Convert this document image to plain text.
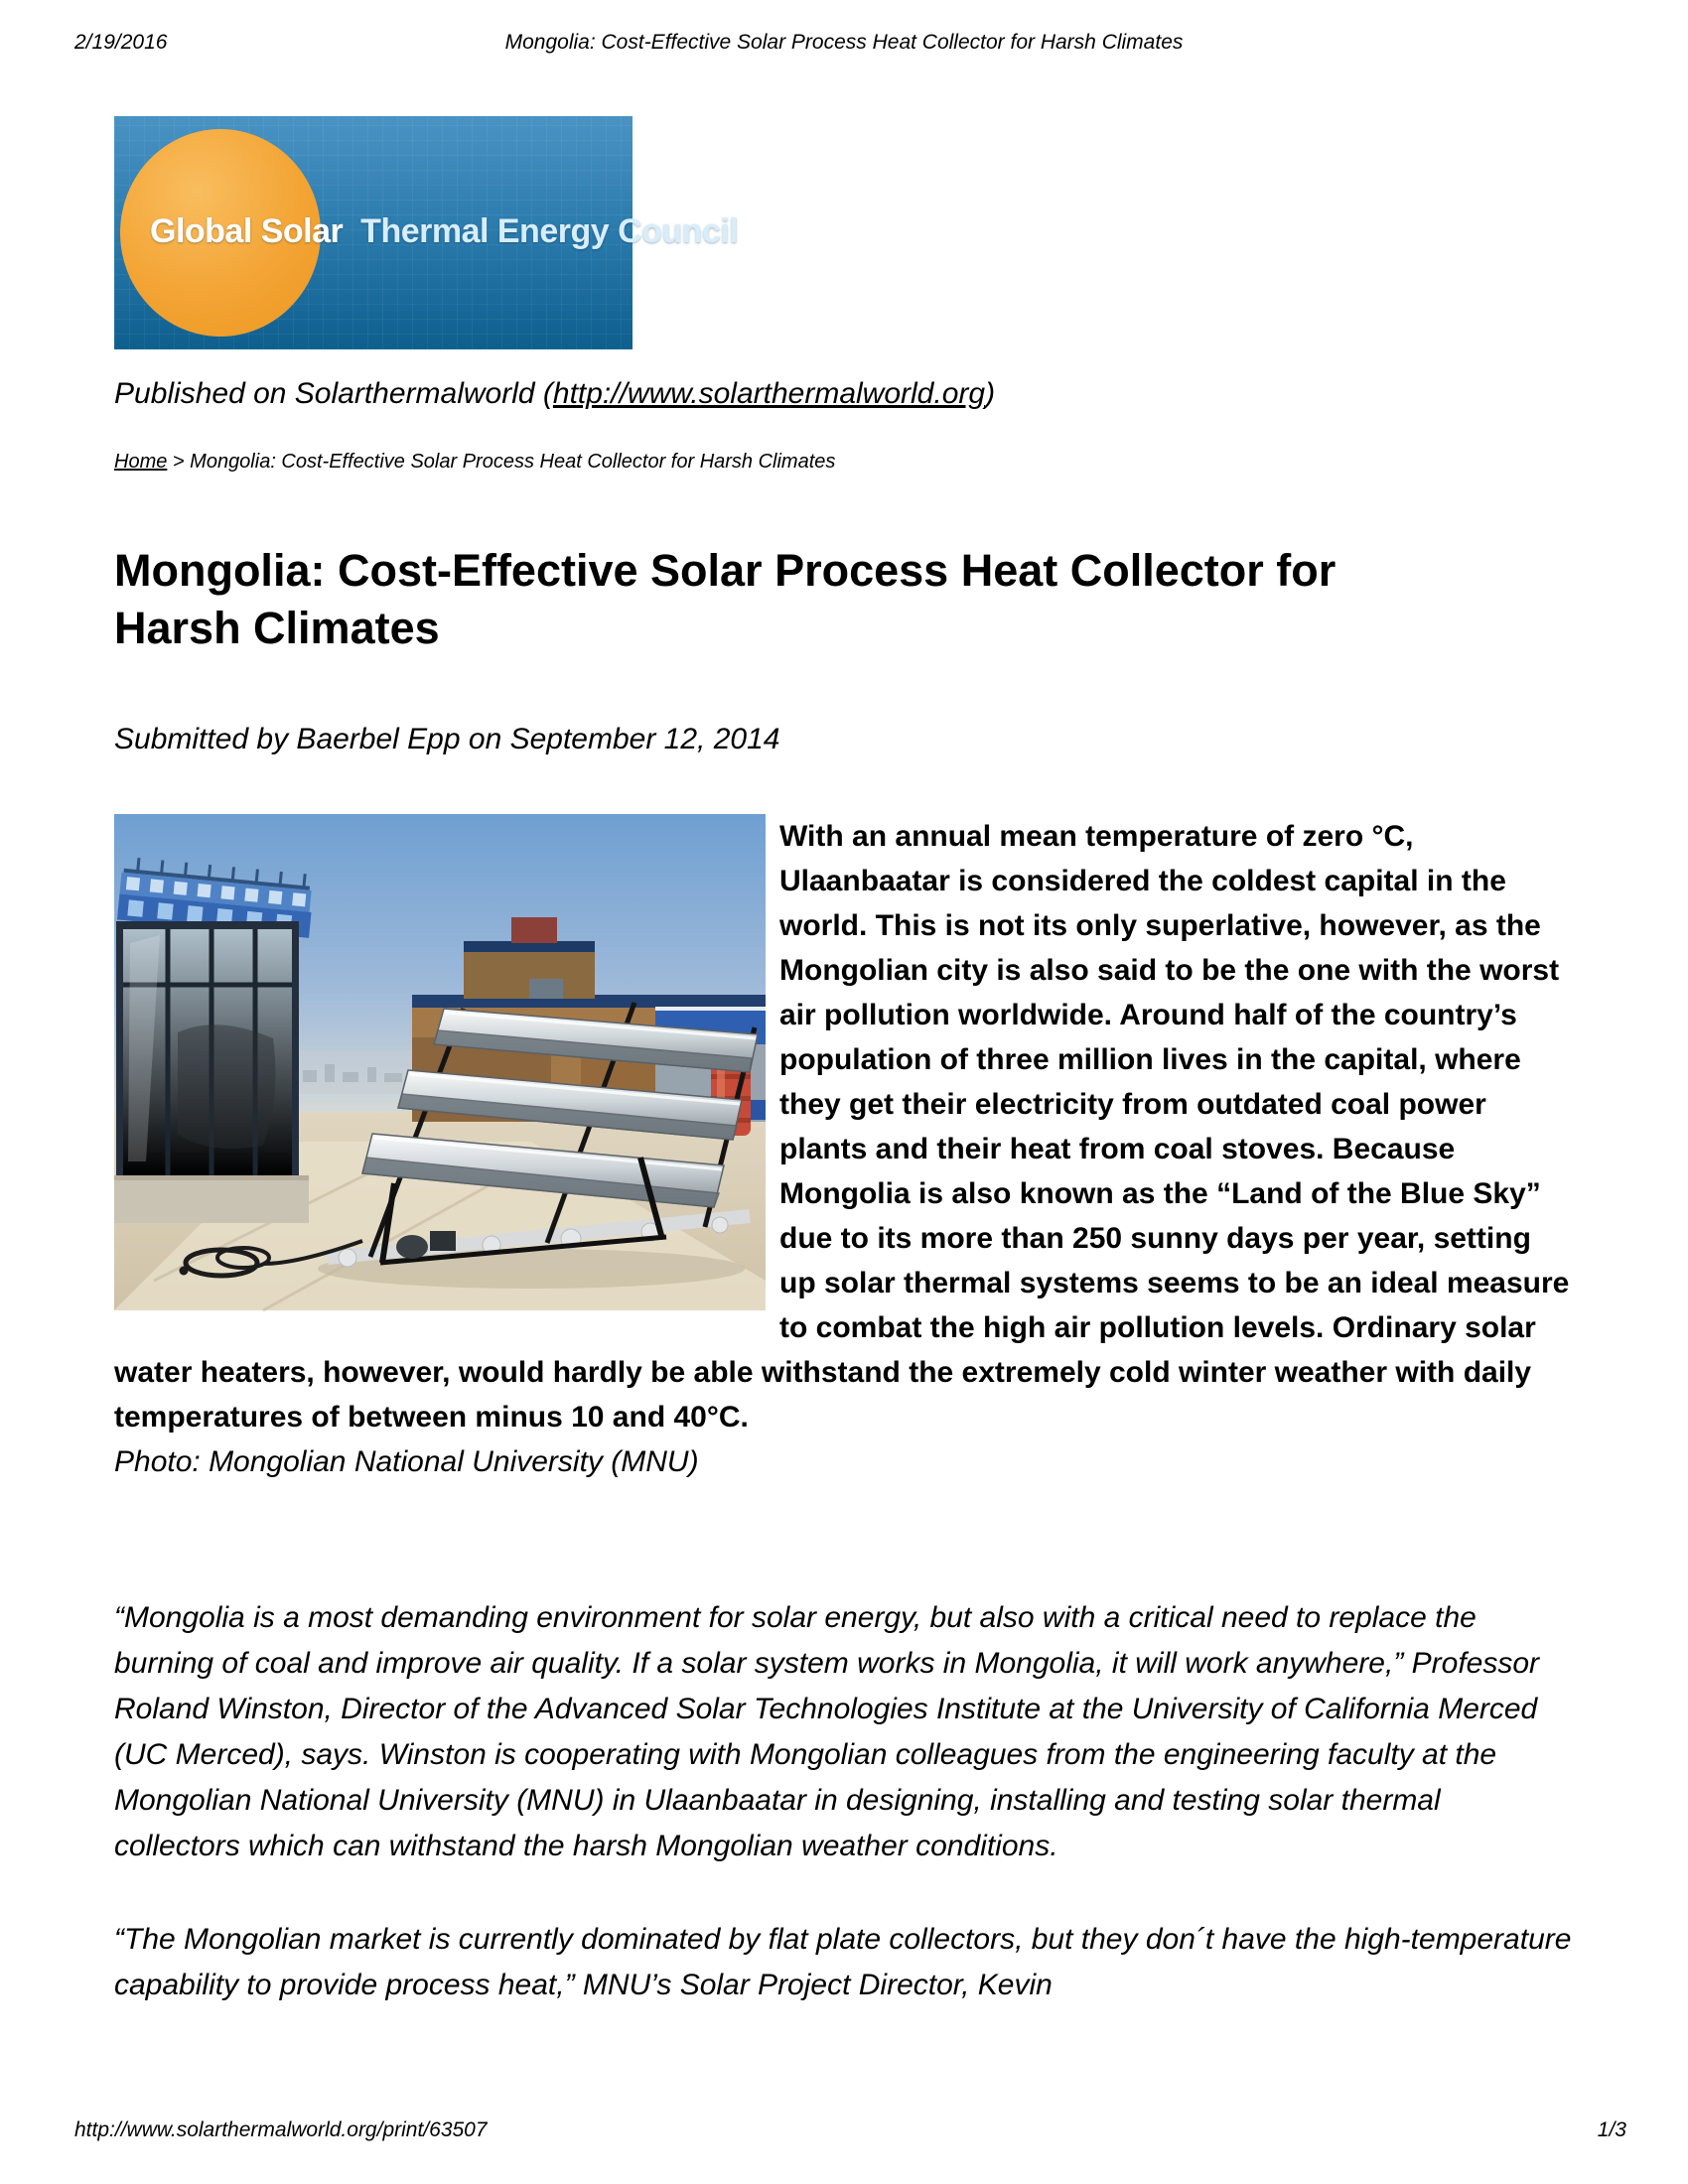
2/19/2016	Mongolia: Cost-Effective Solar Process Heat Collector for Harsh Climates
Global Solar Thermal Energy Council
Published on Solarthermalworld (http://www.solarthermalworld.org)
Home > Mongolia: Cost-Effective Solar Process Heat Collector for Harsh Climates
Mongolia: Cost-Effective Solar Process Heat Collector for
Harsh Climates
Submitted by Baerbel Epp on September 12, 2014

With an annual mean temperature of zero °C, Ulaanbaatar is considered the coldest capital in the world. This is not its only superlative, however, as the Mongolian city is also said to be the one with the worst air pollution worldwide. Around half of the country’s population of three million lives in the capital, where they get their electricity from outdated coal power plants and their heat from coal stoves. Because Mongolia is also known as the “Land of the Blue Sky” due to its more than 250 sunny days per year, setting up solar thermal systems seems to be an ideal measure to combat the high air pollution levels. Ordinary solar water heaters, however, would hardly be able withstand the extremely cold winter weather with daily temperatures of between minus 10 and 40°C.

Photo: Mongolian National University (MNU)

“Mongolia is a most demanding environment for solar energy, but also with a critical need to replace the burning of coal and improve air quality. If a solar system works in Mongolia, it will work anywhere,” Professor Roland Winston, Director of the Advanced Solar Technologies Institute at the University of California Merced (UC Merced), says. Winston is cooperating with Mongolian colleagues from the engineering faculty at the Mongolian National University (MNU) in Ulaanbaatar in designing, installing and testing solar thermal collectors which can withstand the harsh Mongolian weather conditions.

“The Mongolian market is currently dominated by flat plate collectors, but they don´t have the high-temperature capability to provide process heat,” MNU’s Solar Project Director, Kevin

http://www.solarthermalworld.org/print/63507	1/3
